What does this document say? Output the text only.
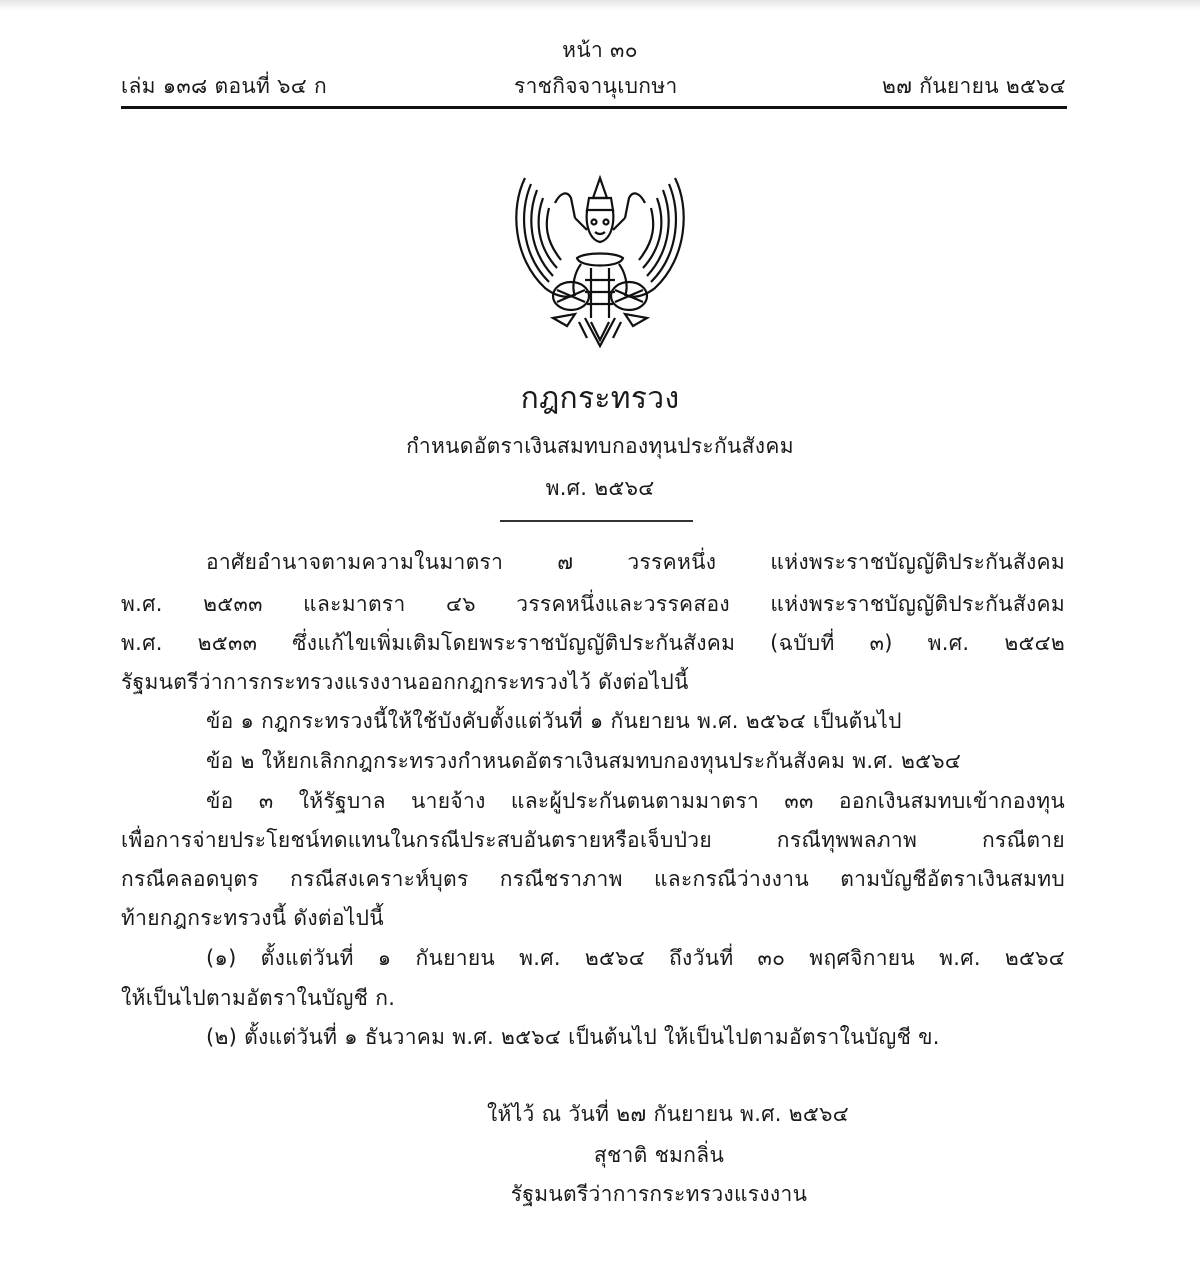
หน้า ๓๐
เล่ม ๑๓๘ ตอนที่ ๖๔ ก	ราชกิจจานุเบกษา	๒๗ กันยายน ๒๕๖๔
กฎกระทรวง
กำหนดอัตราเงินสมทบกองทุนประกันสังคม
พ.ศ. ๒๕๖๔
อาศัยอำนาจตามความในมาตรา ๗ วรรคหนึ่ง แห่งพระราชบัญญัติประกันสังคม
พ.ศ. ๒๕๓๓ และมาตรา ๔๖ วรรคหนึ่งและวรรคสอง แห่งพระราชบัญญัติประกันสังคม
พ.ศ. ๒๕๓๓ ซึ่งแก้ไขเพิ่มเติมโดยพระราชบัญญัติประกันสังคม (ฉบับที่ ๓) พ.ศ. ๒๕๔๒
รัฐมนตรีว่าการกระทรวงแรงงานออกกฎกระทรวงไว้ ดังต่อไปนี้
ข้อ ๑ กฎกระทรวงนี้ให้ใช้บังคับตั้งแต่วันที่ ๑ กันยายน พ.ศ. ๒๕๖๔ เป็นต้นไป
ข้อ ๒ ให้ยกเลิกกฎกระทรวงกำหนดอัตราเงินสมทบกองทุนประกันสังคม พ.ศ. ๒๕๖๔
ข้อ ๓ ให้รัฐบาล นายจ้าง และผู้ประกันตนตามมาตรา ๓๓ ออกเงินสมทบเข้ากองทุน
เพื่อการจ่ายประโยชน์ทดแทนในกรณีประสบอันตรายหรือเจ็บป่วย กรณีทุพพลภาพ กรณีตาย
กรณีคลอดบุตร กรณีสงเคราะห์บุตร กรณีชราภาพ และกรณีว่างงาน ตามบัญชีอัตราเงินสมทบ
ท้ายกฎกระทรวงนี้ ดังต่อไปนี้
(๑) ตั้งแต่วันที่ ๑ กันยายน พ.ศ. ๒๕๖๔ ถึงวันที่ ๓๐ พฤศจิกายน พ.ศ. ๒๕๖๔
ให้เป็นไปตามอัตราในบัญชี ก.
(๒) ตั้งแต่วันที่ ๑ ธันวาคม พ.ศ. ๒๕๖๔ เป็นต้นไป ให้เป็นไปตามอัตราในบัญชี ข.
ให้ไว้ ณ วันที่ ๒๗ กันยายน พ.ศ. ๒๕๖๔
สุชาติ ชมกลิ่น
รัฐมนตรีว่าการกระทรวงแรงงาน
